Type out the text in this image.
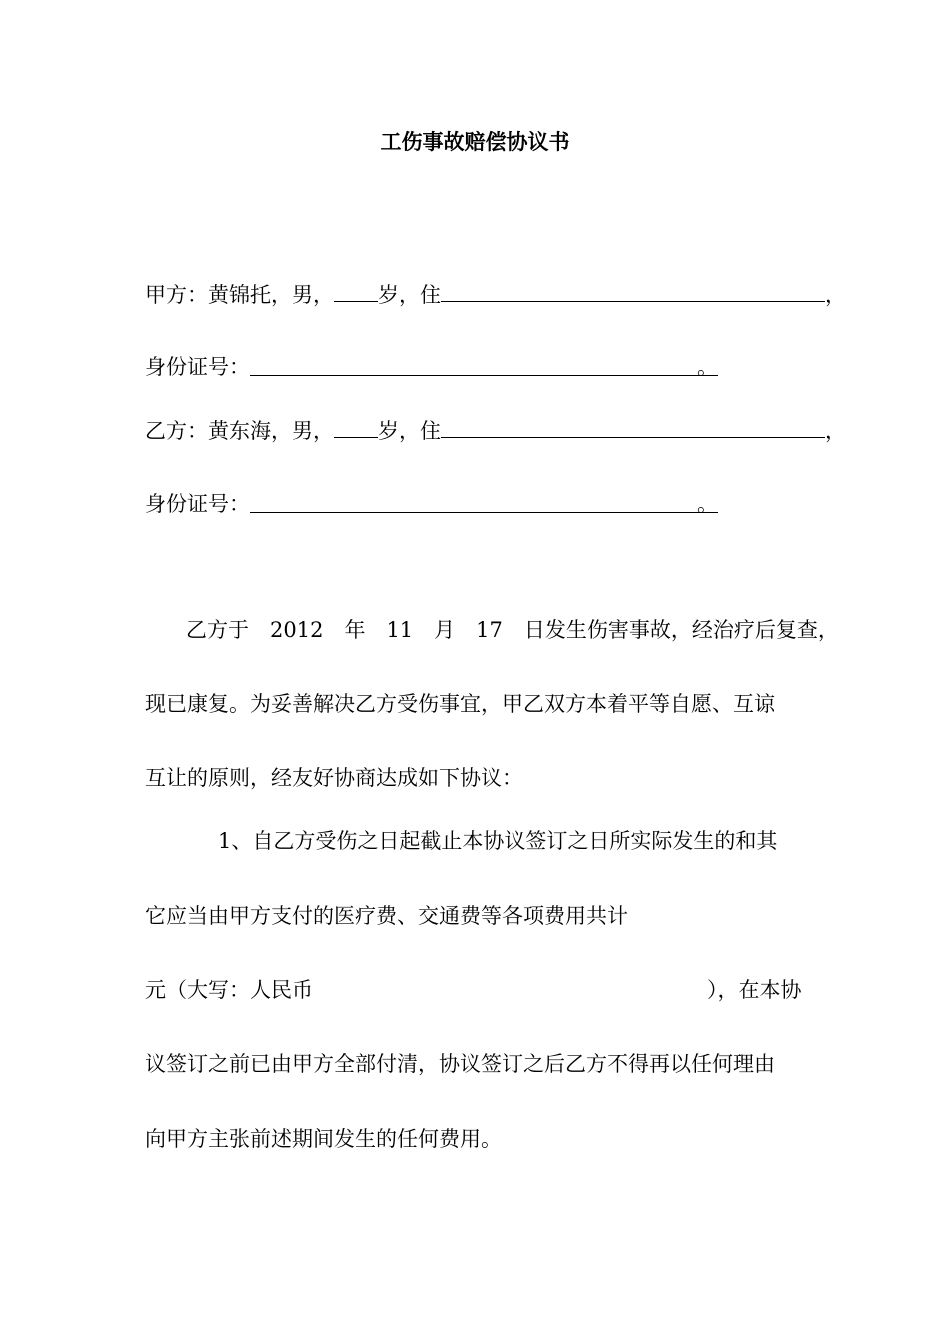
工伤事故赔偿协议书
甲方：黄锦托，男， 岁，住	，
身份证号：	。
乙方：黄东海，男， 岁，住	，
身份证号：	。
乙方于　2012　年　11　月　17　日发生伤害事故，经治疗后复查，
现已康复。为妥善解决乙方受伤事宜，甲乙双方本着平等自愿、互谅
互让的原则，经友好协商达成如下协议：
1、自乙方受伤之日起截止本协议签订之日所实际发生的和其
它应当由甲方支付的医疗费、交通费等各项费用共计
元（大写：人民币	），在本协
议签订之前已由甲方全部付清，协议签订之后乙方不得再以任何理由
向甲方主张前述期间发生的任何费用。
